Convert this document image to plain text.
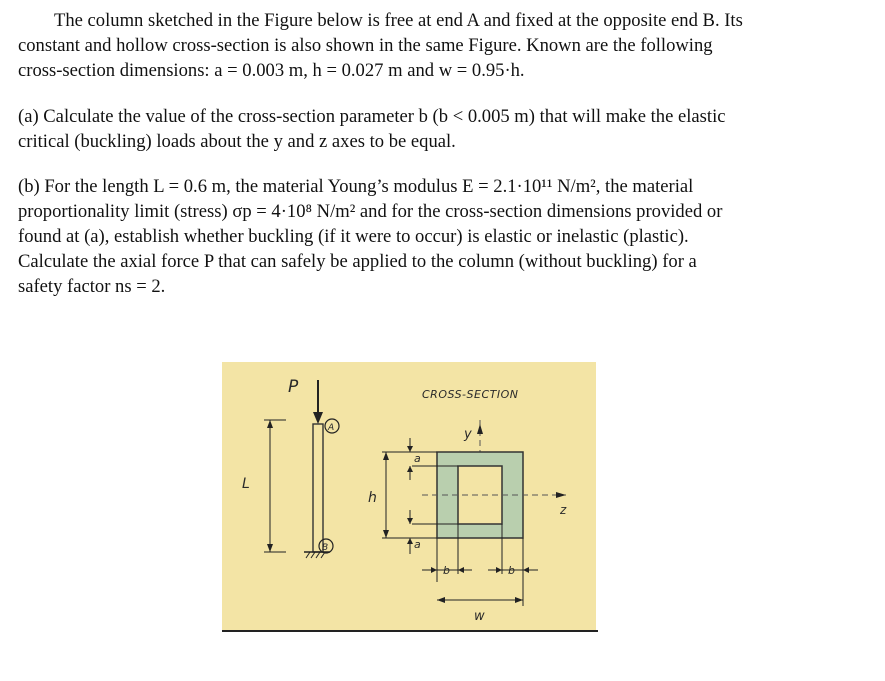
The column sketched in the Figure below is free at end A and fixed at the opposite end B. Its
constant and hollow cross-section is also shown in the same Figure. Known are the following
cross-section dimensions: a = 0.003 m, h = 0.027 m and w = 0.95·h.

(a) Calculate the value of the cross-section parameter b (b < 0.005 m) that will make the elastic
critical (buckling) loads about the y and z axes to be equal.

(b) For the length L = 0.6 m, the material Young’s modulus E = 2.1·10¹¹ N/m², the material
proportionality limit (stress) σp = 4·10⁸ N/m² and for the cross-section dimensions provided or
found at (a), establish whether buckling (if it were to occur) is elastic or inelastic (plastic).
Calculate the axial force P that can safely be applied to the column (without buckling) for a
safety factor ns = 2.

P
A
B
L
CROSS-SECTION
y
z
h
a
a
b	b
w
